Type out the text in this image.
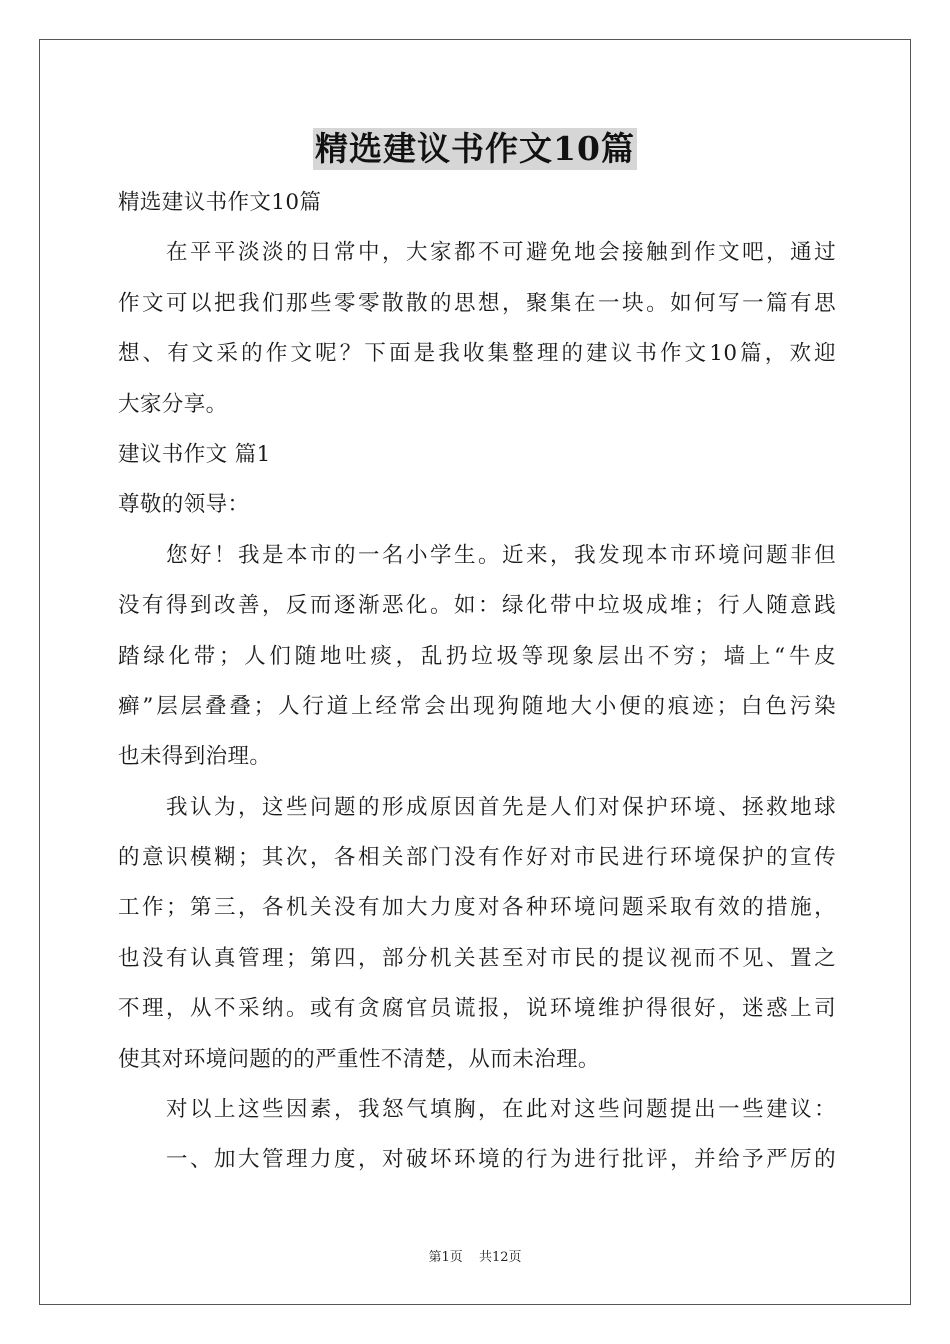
精选建议书作文10篇
精选建议书作文10篇
在平平淡淡的日常中，大家都不可避免地会接触到作文吧，通过
作文可以把我们那些零零散散的思想，聚集在一块。如何写一篇有思
想、有文采的作文呢？下面是我收集整理的建议书作文10篇，欢迎
大家分享。
建议书作文 篇1
尊敬的领导：
您好！我是本市的一名小学生。近来，我发现本市环境问题非但
没有得到改善，反而逐渐恶化。如：绿化带中垃圾成堆；行人随意践
踏绿化带；人们随地吐痰，乱扔垃圾等现象层出不穷；墙上“牛皮
癣”层层叠叠；人行道上经常会出现狗随地大小便的痕迹；白色污染
也未得到治理。
我认为，这些问题的形成原因首先是人们对保护环境、拯救地球
的意识模糊；其次，各相关部门没有作好对市民进行环境保护的宣传
工作；第三，各机关没有加大力度对各种环境问题采取有效的措施，
也没有认真管理；第四，部分机关甚至对市民的提议视而不见、置之
不理，从不采纳。或有贪腐官员谎报，说环境维护得很好，迷惑上司
使其对环境问题的的严重性不清楚，从而未治理。
对以上这些因素，我怒气填胸，在此对这些问题提出一些建议：
一、加大管理力度，对破坏环境的行为进行批评，并给予严厉的
第1页 共12页
